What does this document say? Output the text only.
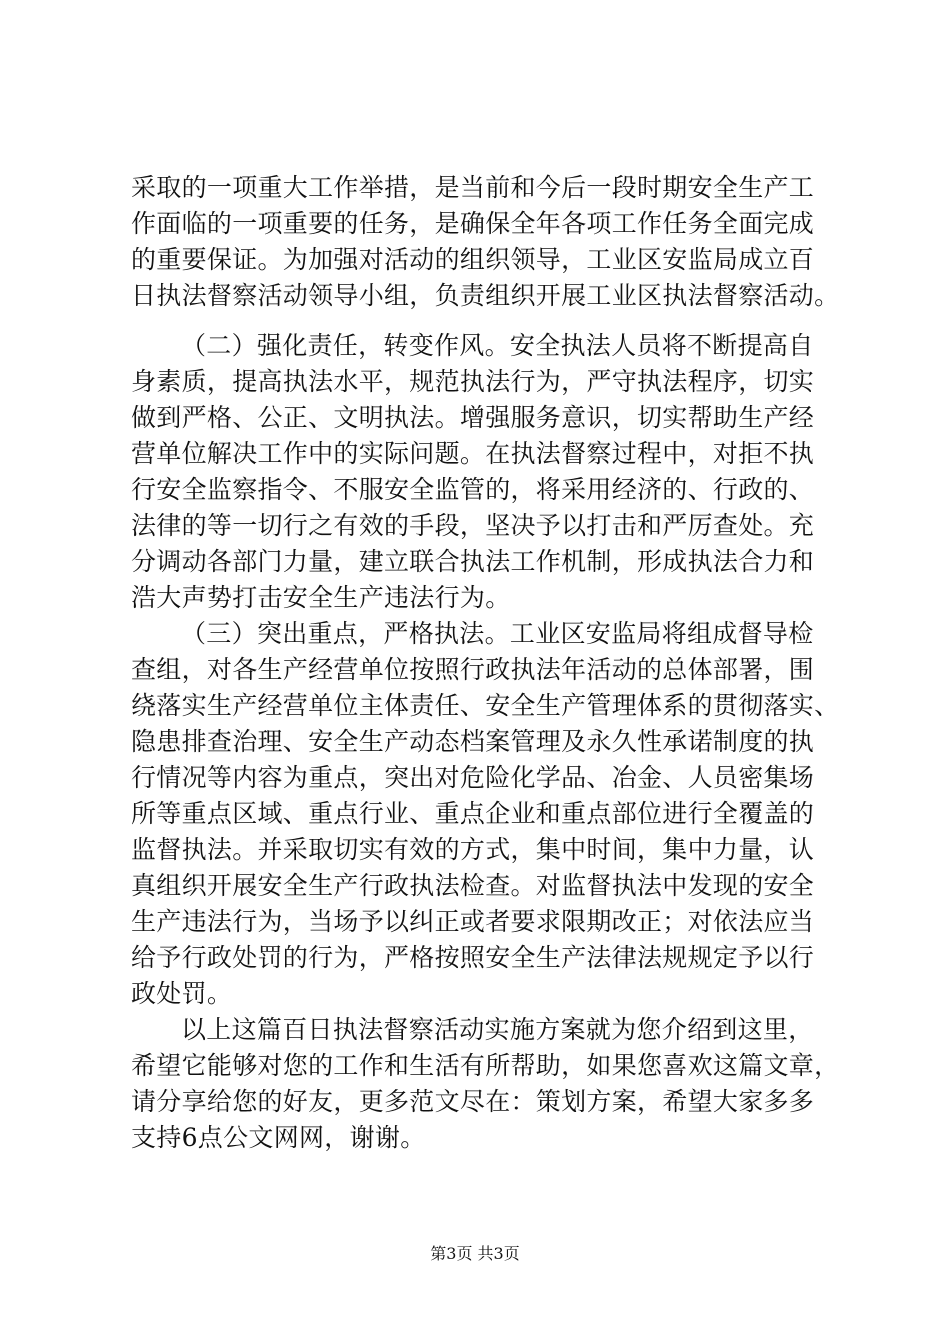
采取的一项重大工作举措，是当前和今后一段时期安全生产工
作面临的一项重要的任务，是确保全年各项工作任务全面完成
的重要保证。为加强对活动的组织领导，工业区安监局成立百
日执法督察活动领导小组，负责组织开展工业区执法督察活动。
（二）强化责任，转变作风。安全执法人员将不断提高自
身素质，提高执法水平，规范执法行为，严守执法程序，切实
做到严格、公正、文明执法。增强服务意识，切实帮助生产经
营单位解决工作中的实际问题。在执法督察过程中，对拒不执
行安全监察指令、不服安全监管的，将采用经济的、行政的、
法律的等一切行之有效的手段，坚决予以打击和严厉查处。充
分调动各部门力量，建立联合执法工作机制，形成执法合力和
浩大声势打击安全生产违法行为。
（三）突出重点，严格执法。工业区安监局将组成督导检
查组，对各生产经营单位按照行政执法年活动的总体部署，围
绕落实生产经营单位主体责任、安全生产管理体系的贯彻落实、
隐患排查治理、安全生产动态档案管理及永久性承诺制度的执
行情况等内容为重点，突出对危险化学品、冶金、人员密集场
所等重点区域、重点行业、重点企业和重点部位进行全覆盖的
监督执法。并采取切实有效的方式，集中时间，集中力量，认
真组织开展安全生产行政执法检查。对监督执法中发现的安全
生产违法行为，当场予以纠正或者要求限期改正；对依法应当
给予行政处罚的行为，严格按照安全生产法律法规规定予以行
政处罚。
以上这篇百日执法督察活动实施方案就为您介绍到这里，
希望它能够对您的工作和生活有所帮助，如果您喜欢这篇文章，
请分享给您的好友，更多范文尽在：策划方案，希望大家多多
支持6点公文网网，谢谢。
第3页 共3页
